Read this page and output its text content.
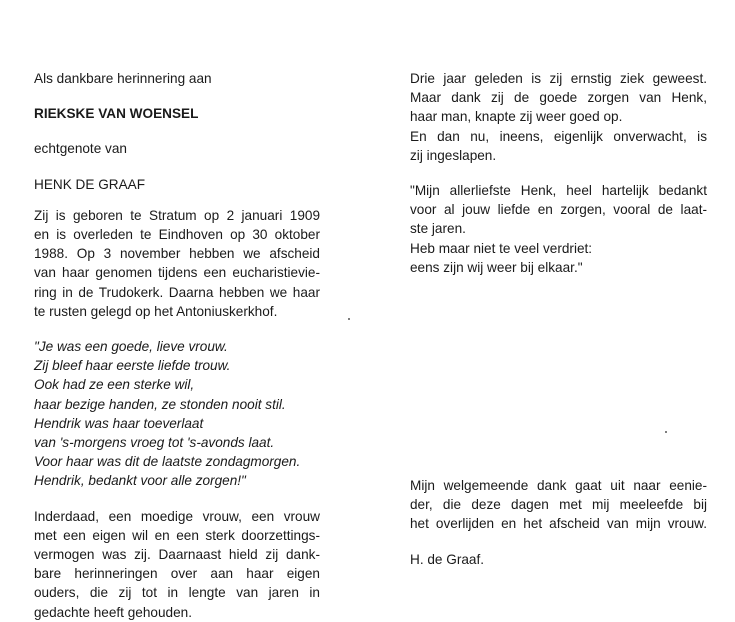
Als dankbare herinnering aan
RIEKSKE VAN WOENSEL
echtgenote van
HENK DE GRAAF
Zij is geboren te Stratum op 2 januari 1909
en is overleden te Eindhoven op 30 oktober
1988. Op 3 november hebben we afscheid
van haar genomen tijdens een eucharistievie-
ring in de Trudokerk. Daarna hebben we haar
te rusten gelegd op het Antoniuskerkhof.
"Je was een goede, lieve vrouw.
Zij bleef haar eerste liefde trouw.
Ook had ze een sterke wil,
haar bezige handen, ze stonden nooit stil.
Hendrik was haar toeverlaat
van 's-morgens vroeg tot 's-avonds laat.
Voor haar was dit de laatste zondagmorgen.
Hendrik, bedankt voor alle zorgen!"
Inderdaad, een moedige vrouw, een vrouw
met een eigen wil en een sterk doorzettings-
vermogen was zij. Daarnaast hield zij dank-
bare herinneringen over aan haar eigen
ouders, die zij tot in lengte van jaren in
gedachte heeft gehouden.
Drie jaar geleden is zij ernstig ziek geweest.
Maar dank zij de goede zorgen van Henk,
haar man, knapte zij weer goed op.
En dan nu, ineens, eigenlijk onverwacht, is
zij ingeslapen.
"Mijn allerliefste Henk, heel hartelijk bedankt
voor al jouw liefde en zorgen, vooral de laat-
ste jaren.
Heb maar niet te veel verdriet:
eens zijn wij weer bij elkaar."
Mijn welgemeende dank gaat uit naar eenie-
der, die deze dagen met mij meeleefde bij
het overlijden en het afscheid van mijn vrouw.
H. de Graaf.
